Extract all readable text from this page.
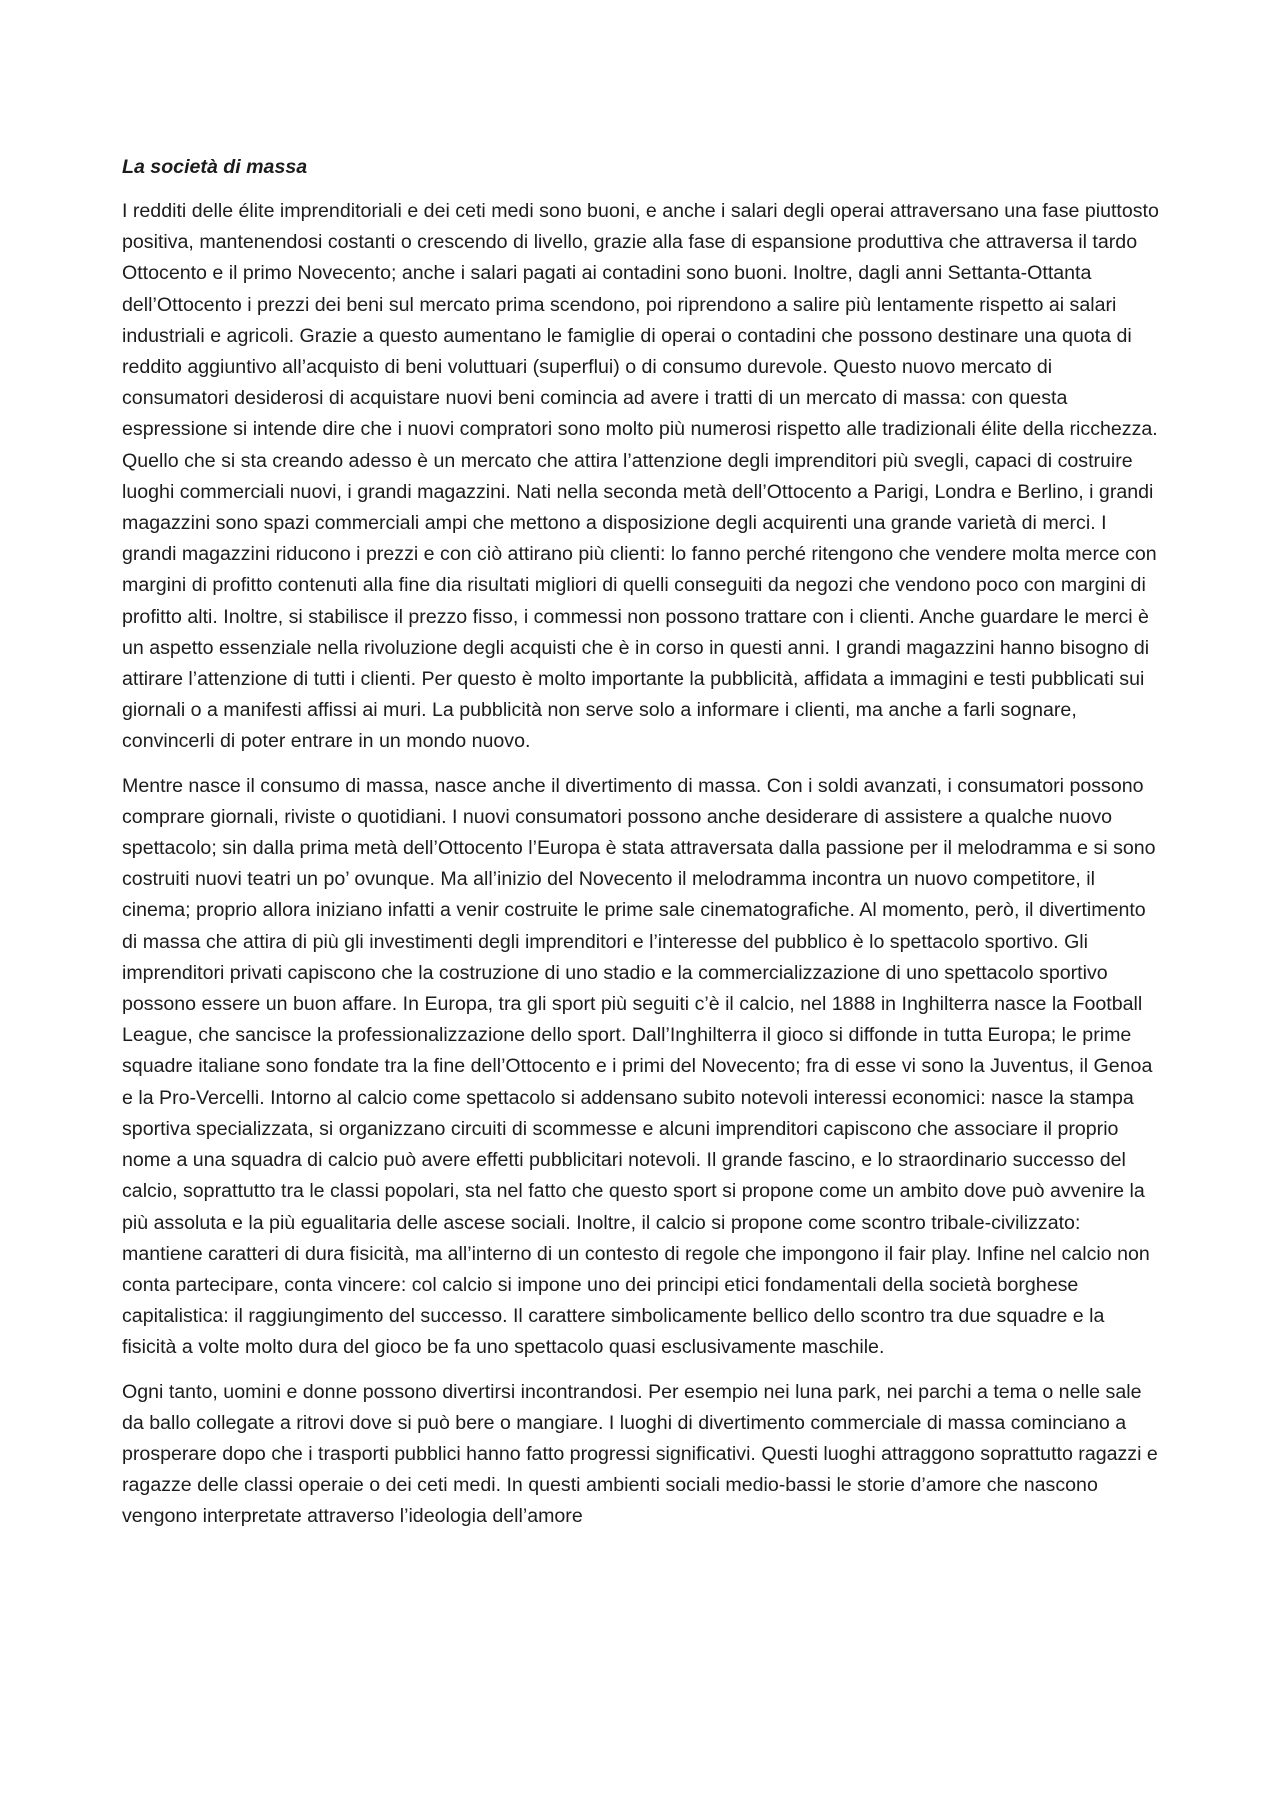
La società di massa

I redditi delle élite imprenditoriali e dei ceti medi sono buoni, e anche i salari degli operai attraversano una fase piuttosto positiva, mantenendosi costanti o crescendo di livello, grazie alla fase di espansione produttiva che attraversa il tardo Ottocento e il primo Novecento; anche i salari pagati ai contadini sono buoni. Inoltre, dagli anni Settanta-Ottanta dell’Ottocento i prezzi dei beni sul mercato prima scendono, poi riprendono a salire più lentamente rispetto ai salari industriali e agricoli. Grazie a questo aumentano le famiglie di operai o contadini che possono destinare una quota di reddito aggiuntivo all’acquisto di beni voluttuari (superflui) o di consumo durevole. Questo nuovo mercato di consumatori desiderosi di acquistare nuovi beni comincia ad avere i tratti di un mercato di massa: con questa espressione si intende dire che i nuovi compratori sono molto più numerosi rispetto alle tradizionali élite della ricchezza. Quello che si sta creando adesso è un mercato che attira l’attenzione degli imprenditori più svegli, capaci di costruire luoghi commerciali nuovi, i grandi magazzini. Nati nella seconda metà dell’Ottocento a Parigi, Londra e Berlino, i grandi magazzini sono spazi commerciali ampi che mettono a disposizione degli acquirenti una grande varietà di merci. I grandi magazzini riducono i prezzi e con ciò attirano più clienti: lo fanno perché ritengono che vendere molta merce con margini di profitto contenuti alla fine dia risultati migliori di quelli conseguiti da negozi che vendono poco con margini di profitto alti. Inoltre, si stabilisce il prezzo fisso, i commessi non possono trattare con i clienti. Anche guardare le merci è un aspetto essenziale nella rivoluzione degli acquisti che è in corso in questi anni. I grandi magazzini hanno bisogno di attirare l’attenzione di tutti i clienti. Per questo è molto importante la pubblicità, affidata a immagini e testi pubblicati sui giornali o a manifesti affissi ai muri. La pubblicità non serve solo a informare i clienti, ma anche a farli sognare, convincerli di poter entrare in un mondo nuovo.

Mentre nasce il consumo di massa, nasce anche il divertimento di massa. Con i soldi avanzati, i consumatori possono comprare giornali, riviste o quotidiani. I nuovi consumatori possono anche desiderare di assistere a qualche nuovo spettacolo; sin dalla prima metà dell’Ottocento l’Europa è stata attraversata dalla passione per il melodramma e si sono costruiti nuovi teatri un po’ ovunque. Ma all’inizio del Novecento il melodramma incontra un nuovo competitore, il cinema; proprio allora iniziano infatti a venir costruite le prime sale cinematografiche. Al momento, però, il divertimento di massa che attira di più gli investimenti degli imprenditori e l’interesse del pubblico è lo spettacolo sportivo. Gli imprenditori privati capiscono che la costruzione di uno stadio e la commercializzazione di uno spettacolo sportivo possono essere un buon affare. In Europa, tra gli sport più seguiti c’è il calcio, nel 1888 in Inghilterra nasce la Football League, che sancisce la professionalizzazione dello sport. Dall’Inghilterra il gioco si diffonde in tutta Europa; le prime squadre italiane sono fondate tra la fine dell’Ottocento e i primi del Novecento; fra di esse vi sono la Juventus, il Genoa e la Pro-Vercelli. Intorno al calcio come spettacolo si addensano subito notevoli interessi economici: nasce la stampa sportiva specializzata, si organizzano circuiti di scommesse e alcuni imprenditori capiscono che associare il proprio nome a una squadra di calcio può avere effetti pubblicitari notevoli. Il grande fascino, e lo straordinario successo del calcio, soprattutto tra le classi popolari, sta nel fatto che questo sport si propone come un ambito dove può avvenire la più assoluta e la più egualitaria delle ascese sociali. Inoltre, il calcio si propone come scontro tribale-civilizzato: mantiene caratteri di dura fisicità, ma all’interno di un contesto di regole che impongono il fair play. Infine nel calcio non conta partecipare, conta vincere: col calcio si impone uno dei principi etici fondamentali della società borghese capitalistica: il raggiungimento del successo. Il carattere simbolicamente bellico dello scontro tra due squadre e la fisicità a volte molto dura del gioco be fa uno spettacolo quasi esclusivamente maschile.

Ogni tanto, uomini e donne possono divertirsi incontrandosi. Per esempio nei luna park, nei parchi a tema o nelle sale da ballo collegate a ritrovi dove si può bere o mangiare. I luoghi di divertimento commerciale di massa cominciano a prosperare dopo che i trasporti pubblici hanno fatto progressi significativi. Questi luoghi attraggono soprattutto ragazzi e ragazze delle classi operaie o dei ceti medi. In questi ambienti sociali medio-bassi le storie d’amore che nascono vengono interpretate attraverso l’ideologia dell’amore
